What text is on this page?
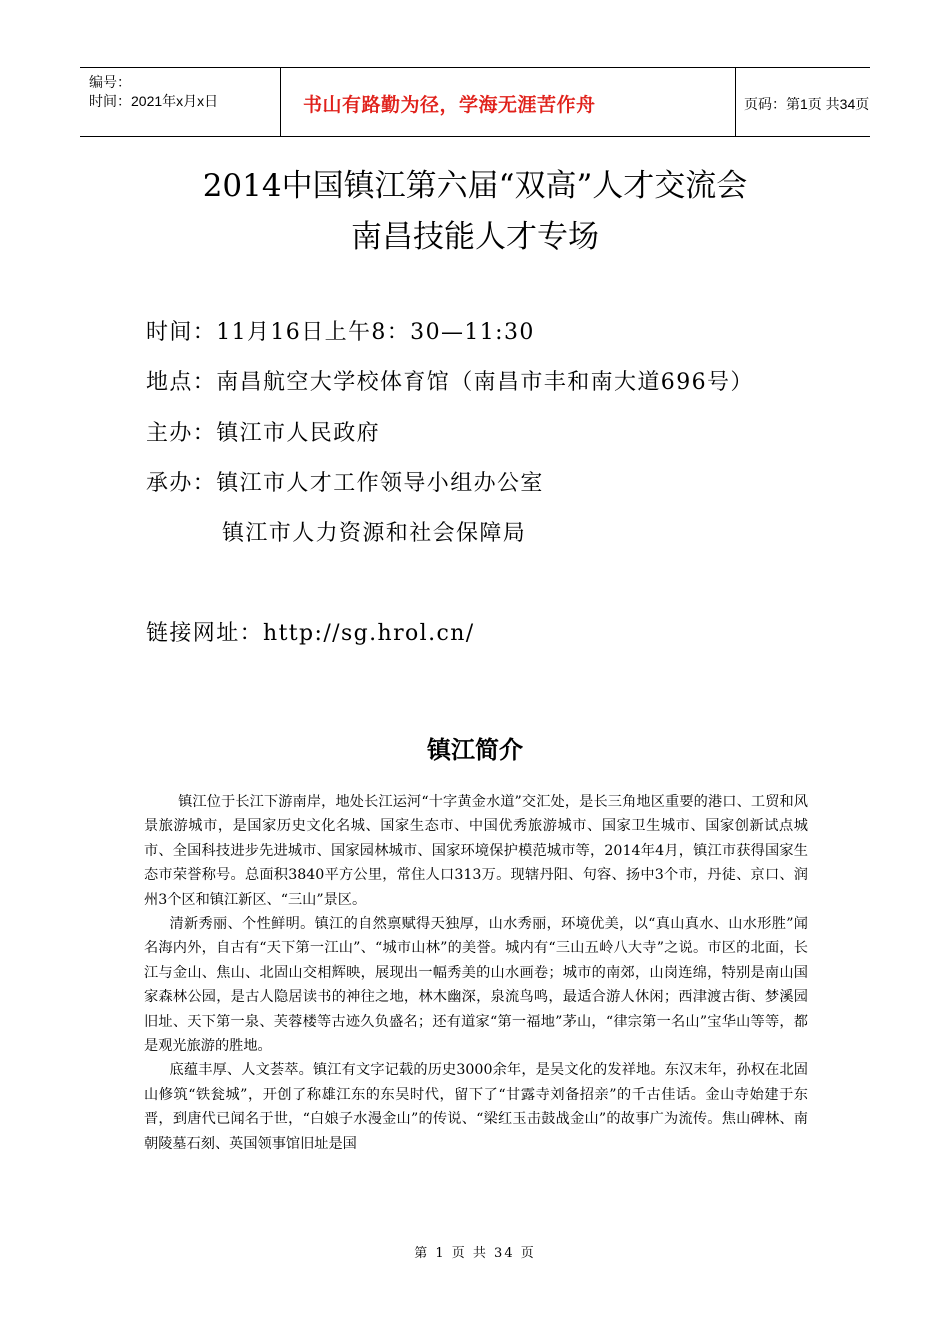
编号：
时间：2021年x月x日	书山有路勤为径，学海无涯苦作舟	页码：第1页 共34页
2014中国镇江第六届“双高”人才交流会
南昌技能人才专场
时间：11月16日上午8：30—11:30
地点：南昌航空大学校体育馆（南昌市丰和南大道696号）
主办：镇江市人民政府
承办：镇江市人才工作领导小组办公室
镇江市人力资源和社会保障局
链接网址：http://sg.hrol.cn/
镇江简介

镇江位于长江下游南岸，地处长江运河“十字黄金水道”交汇处，是长三角地区重要的港口、工贸和风景旅游城市，是国家历史文化名城、国家生态市、中国优秀旅游城市、国家卫生城市、国家创新试点城市、全国科技进步先进城市、国家园林城市、国家环境保护模范城市等，2014年4月，镇江市获得国家生态市荣誉称号。总面积3840平方公里，常住人口313万。现辖丹阳、句容、扬中3个市，丹徒、京口、润州3个区和镇江新区、“三山”景区。

清新秀丽、个性鲜明。镇江的自然禀赋得天独厚，山水秀丽，环境优美，以“真山真水、山水形胜”闻名海内外，自古有“天下第一江山”、“城市山林”的美誉。城内有“三山五岭八大寺”之说。市区的北面，长江与金山、焦山、北固山交相辉映，展现出一幅秀美的山水画卷；城市的南郊，山岗连绵，特别是南山国家森林公园，是古人隐居读书的神往之地，林木幽深，泉流鸟鸣，最适合游人休闲；西津渡古街、梦溪园旧址、天下第一泉、芙蓉楼等古迹久负盛名；还有道家“第一福地”茅山，“律宗第一名山”宝华山等等，都是观光旅游的胜地。

底蕴丰厚、人文荟萃。镇江有文字记载的历史3000余年，是吴文化的发祥地。东汉末年，孙权在北固山修筑“铁瓮城”，开创了称雄江东的东吴时代，留下了“甘露寺刘备招亲”的千古佳话。金山寺始建于东晋，到唐代已闻名于世，“白娘子水漫金山”的传说、“梁红玉击鼓战金山”的故事广为流传。焦山碑林、南朝陵墓石刻、英国领事馆旧址是国

第 1 页 共 34 页
